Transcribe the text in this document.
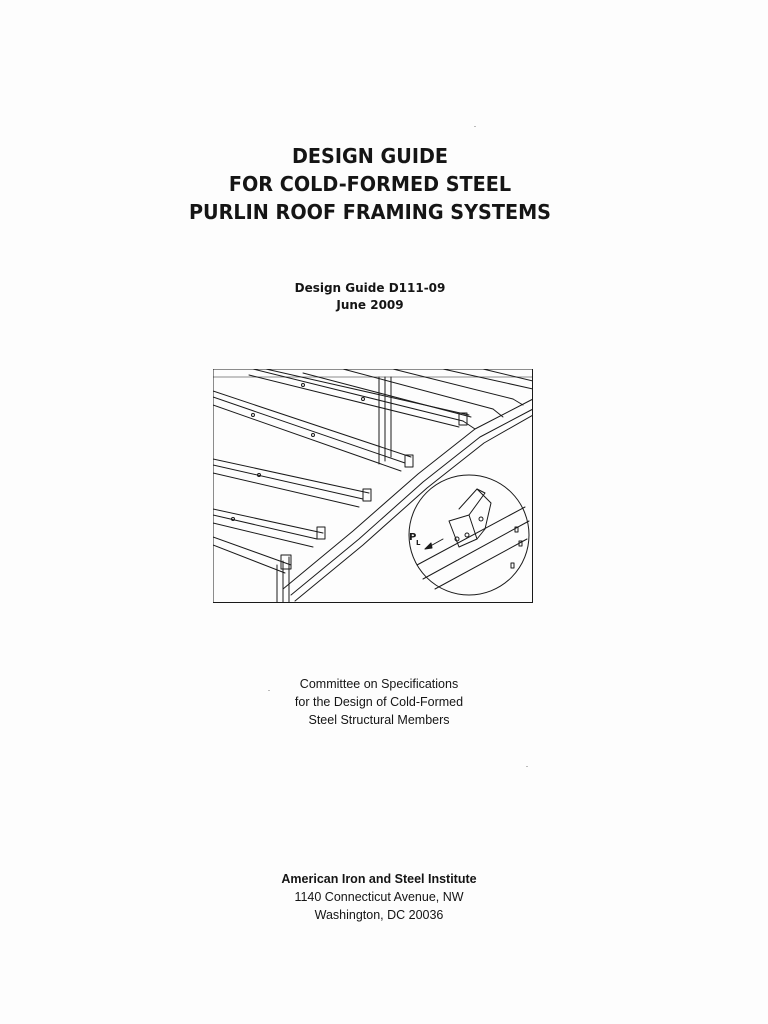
DESIGN GUIDE
FOR COLD-FORMED STEEL
PURLIN ROOF FRAMING SYSTEMS
Design Guide D111-09
June 2009
P L
Committee on Specifications
for the Design of Cold-Formed
Steel Structural Members
American Iron and Steel Institute
1140 Connecticut Avenue, NW
Washington, DC 20036
